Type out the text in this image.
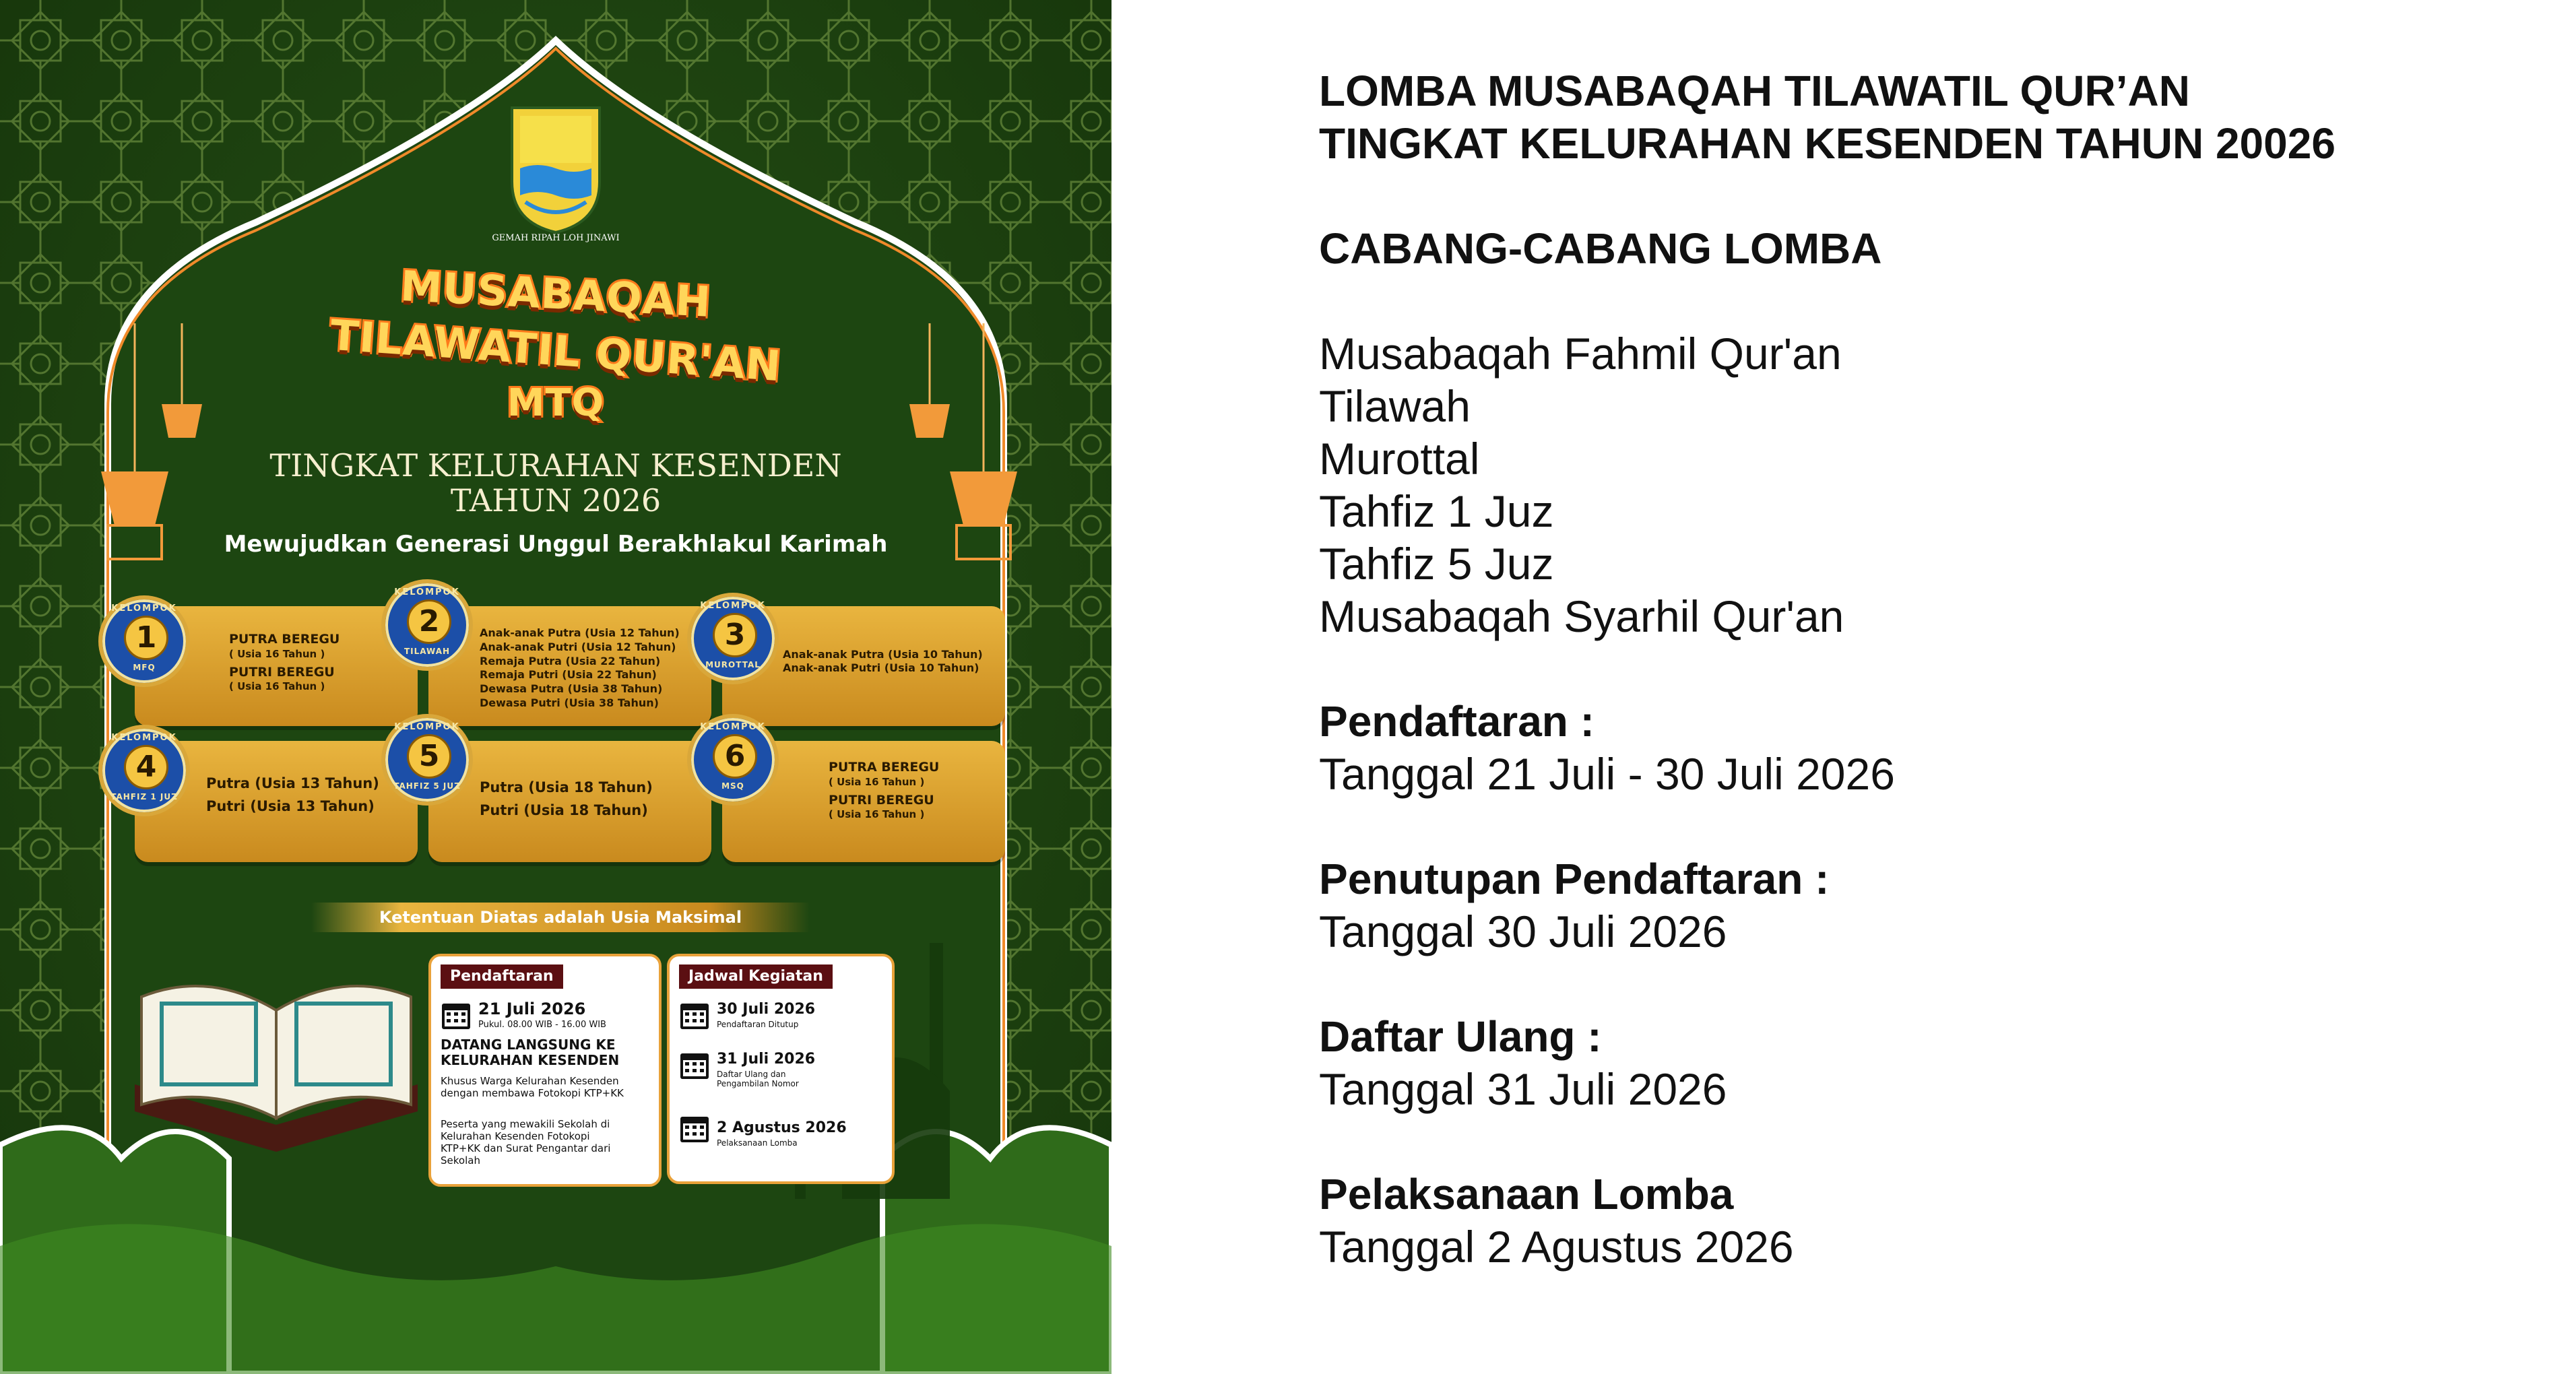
GEMAH RIPAH LOH JINAWI
MUSABAQAH
TILAWATIL QUR'AN
MTQ
TINGKAT KELURAHAN KESENDEN
TAHUN 2026
Mewujudkan Generasi Unggul Berakhlakul Karimah
PUTRA BEREGU
( Usia 16 Tahun )
PUTRI BEREGU
( Usia 16 Tahun )
Anak-anak Putra (Usia 12 Tahun)
Anak-anak Putri (Usia 12 Tahun)
Remaja Putra (Usia 22 Tahun)
Remaja Putri (Usia 22 Tahun)
Dewasa Putra (Usia 38 Tahun)
Dewasa Putri (Usia 38 Tahun)
Anak-anak Putra (Usia 10 Tahun)
Anak-anak Putri (Usia 10 Tahun)
Putra (Usia 13 Tahun)
Putri (Usia 13 Tahun)
Putra (Usia 18 Tahun)
Putri (Usia 18 Tahun)
PUTRA BEREGU
( Usia 16 Tahun )
PUTRI BEREGU
( Usia 16 Tahun )
KELOMPOK
1
MFQ
KELOMPOK
2
TILAWAH
KELOMPOK
3
MUROTTAL
KELOMPOK
4
TAHFIZ 1 JUZ
KELOMPOK
5
TAHFIZ 5 JUZ
KELOMPOK
6
MSQ
Ketentuan Diatas adalah Usia Maksimal
Pendaftaran
21 Juli 2026
Pukul. 08.00 WIB - 16.00 WIB
DATANG LANGSUNG KE KELURAHAN KESENDEN
Khusus Warga Kelurahan Kesenden dengan membawa Fotokopi KTP+KK
Peserta yang mewakili Sekolah di Kelurahan Kesenden Fotokopi KTP+KK dan Surat Pengantar dari Sekolah
Jadwal Kegiatan
30 Juli 2026
Pendaftaran Ditutup
31 Juli 2026
Daftar Ulang dan Pengambilan Nomor
2 Agustus 2026
Pelaksanaan Lomba
LOMBA MUSABAQAH TILAWATIL QUR’AN
TINGKAT KELURAHAN KESENDEN TAHUN 20026
CABANG-CABANG LOMBA
Musabaqah Fahmil Qur'an
Tilawah
Murottal
Tahfiz 1 Juz
Tahfiz 5 Juz
Musabaqah Syarhil Qur'an
Pendaftaran :
Tanggal 21 Juli - 30 Juli 2026
Penutupan Pendaftaran :
Tanggal 30 Juli 2026
Daftar Ulang :
Tanggal 31 Juli 2026
Pelaksanaan Lomba
Tanggal 2 Agustus 2026
